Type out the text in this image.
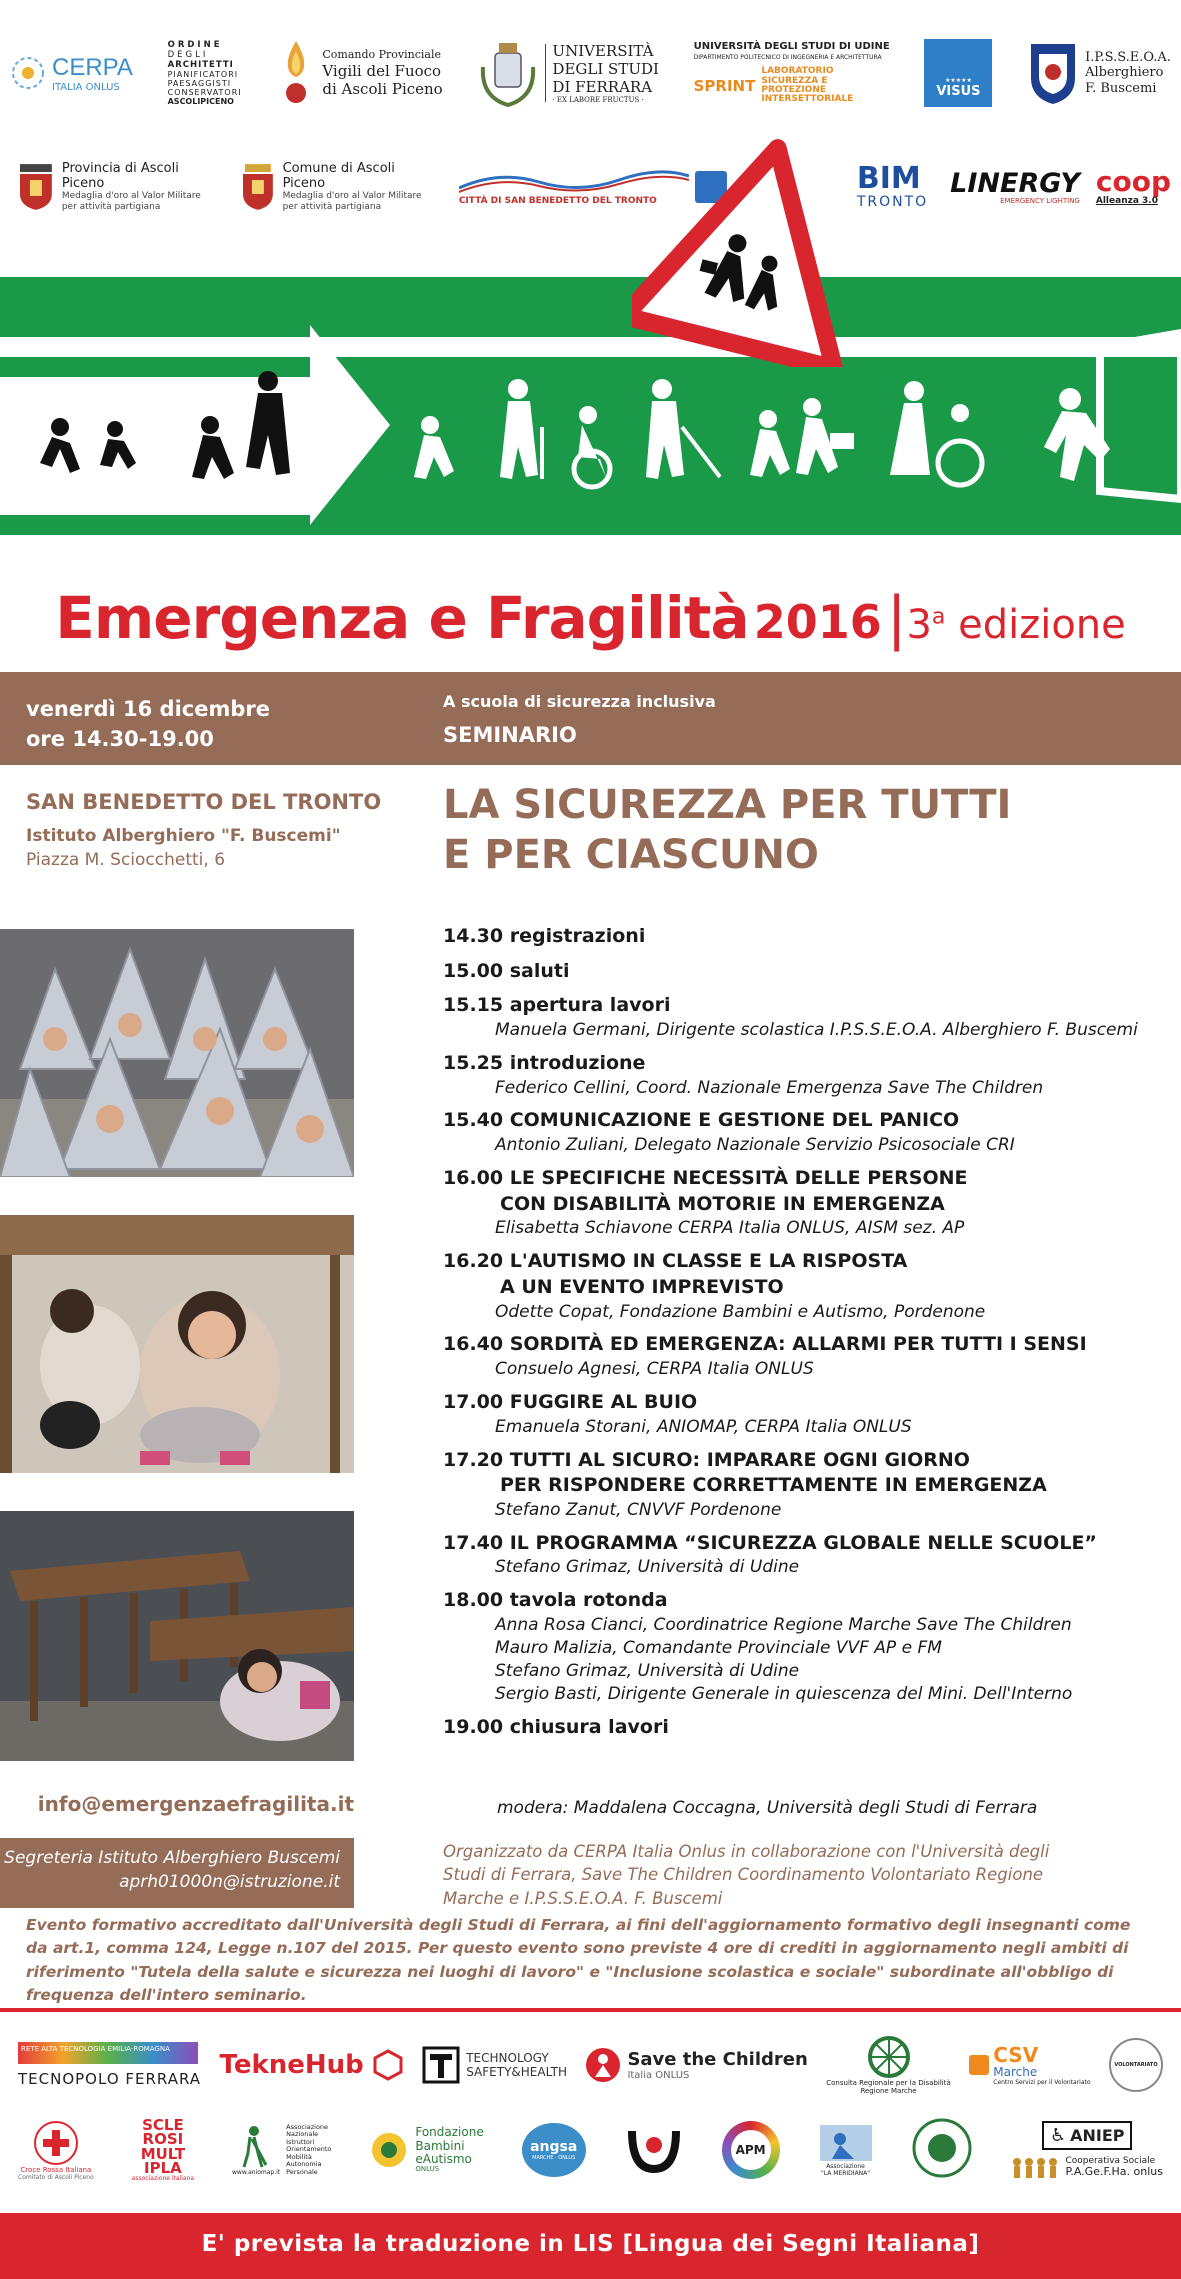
CERPA
ITALIA ONLUS
ORDINE
DEGLI
ARCHITETTI
PIANIFICATORI
PAESAGGISTI
CONSERVATORI
ASCOLIPICENO
Comando Provinciale
Vigili del Fuoco
di Ascoli Piceno
UNIVERSITÀ
DEGLI STUDI
DI FERRARA
· EX LABORE FRUCTUS ·
UNIVERSITÀ DEGLI STUDI DI UDINE
DIPARTIMENTO POLITECNICO DI INGEGNERIA E ARCHITETTURA
SPRINT
LABORATORIO
SICUREZZA E
PROTEZIONE
INTERSETTORIALE
★★★★★
VISUS
I.P.S.S.E.O.A.
Alberghiero
F. Buscemi
Provincia di Ascoli Piceno
Medaglia d'oro al Valor Militare
per attività partigiana
Comune di Ascoli Piceno
Medaglia d'oro al Valor Militare
per attività partigiana
CITTÀ DI SAN BENEDETTO DEL TRONTO
BIM
TRONTO
LINERGY
EMERGENCY LIGHTING
coop
Alleanza 3.0
Emergenza e Fragilità 2016 |3$^a$ edizione
venerdì 16 dicembre
ore 14.30-19.00
A scuola di sicurezza inclusiva
SEMINARIO
SAN BENEDETTO DEL TRONTO
Istituto Alberghiero "F. Buscemi"
Piazza M. Sciocchetti, 6
LA SICUREZZA PER TUTTI
E PER CIASCUNO
14.30 registrazioni
15.00 saluti
15.15 apertura lavori
Manuela Germani, Dirigente scolastica I.P.S.S.E.O.A. Alberghiero F. Buscemi
15.25 introduzione
Federico Cellini, Coord. Nazionale Emergenza Save The Children
15.40 COMUNICAZIONE E GESTIONE DEL PANICO
Antonio Zuliani, Delegato Nazionale Servizio Psicosociale CRI
16.00 LE SPECIFICHE NECESSITÀ DELLE PERSONE
CON DISABILITÀ MOTORIE IN EMERGENZA
Elisabetta Schiavone CERPA Italia ONLUS, AISM sez. AP
16.20 L'AUTISMO IN CLASSE E LA RISPOSTA
A UN EVENTO IMPREVISTO
Odette Copat, Fondazione Bambini e Autismo, Pordenone
16.40 SORDITÀ ED EMERGENZA: ALLARMI PER TUTTI I SENSI
Consuelo Agnesi, CERPA Italia ONLUS
17.00 FUGGIRE AL BUIO
Emanuela Storani, ANIOMAP, CERPA Italia ONLUS
17.20 TUTTI AL SICURO: IMPARARE OGNI GIORNO
PER RISPONDERE CORRETTAMENTE IN EMERGENZA
Stefano Zanut, CNVVF Pordenone
17.40 IL PROGRAMMA “SICUREZZA GLOBALE NELLE SCUOLE”
Stefano Grimaz, Università di Udine
18.00 tavola rotonda
Anna Rosa Cianci, Coordinatrice Regione Marche Save The Children
Mauro Malizia, Comandante Provinciale VVF AP e FM
Stefano Grimaz, Università di Udine
Sergio Basti, Dirigente Generale in quiescenza del Mini. Dell'Interno
19.00 chiusura lavori
info@emergenzaefragilita.it	modera: Maddalena Coccagna, Università degli Studi di Ferrara
Segreteria Istituto Alberghiero Buscemi
aprh01000n@istruzione.it
Organizzato da CERPA Italia Onlus in collaborazione con l'Università degli Studi di Ferrara, Save The Children Coordinamento Volontariato Regione Marche e I.P.S.S.E.O.A. F. Buscemi
Evento formativo accreditato dall'Università degli Studi di Ferrara, ai fini dell'aggiornamento formativo degli insegnanti come da art.1, comma 124, Legge n.107 del 2015. Per questo evento sono previste 4 ore di crediti in aggiornamento negli ambiti di riferimento "Tutela della salute e sicurezza nei luoghi di lavoro" e "Inclusione scolastica e sociale" subordinate all'obbligo di frequenza dell'intero seminario.
RETE ALTA TECNOLOGIA EMILIA-ROMAGNA
TECNOPOLO FERRARA TekneHub	TECHNOLOGY
SAFETY&HEALTH
Save the Children
Italia ONLUS
Consulta Regionale per la Disabilità
Regione Marche
CSV
Marche
Centro Servizi per il Volontariato
VOLONTARIATO
Croce Rossa Italiana
Comitato di Ascoli Piceno
SCLE
ROSI
MULT
IPLA
associazione italiana
www.aniomap.it
Associazione
Nazionale
Istruttori
Orientamento
Mobilità
Autonomia
Personale
Fondazione
Bambini
eAutismo
ONLUS
angsa
MARCHE · ONLUS
APM
Associazione
"LA MERIDIANA"
♿ ANIEP
Cooperativa Sociale
P.A.Ge.F.Ha. onlus
E' prevista la traduzione in LIS [Lingua dei Segni Italiana]
